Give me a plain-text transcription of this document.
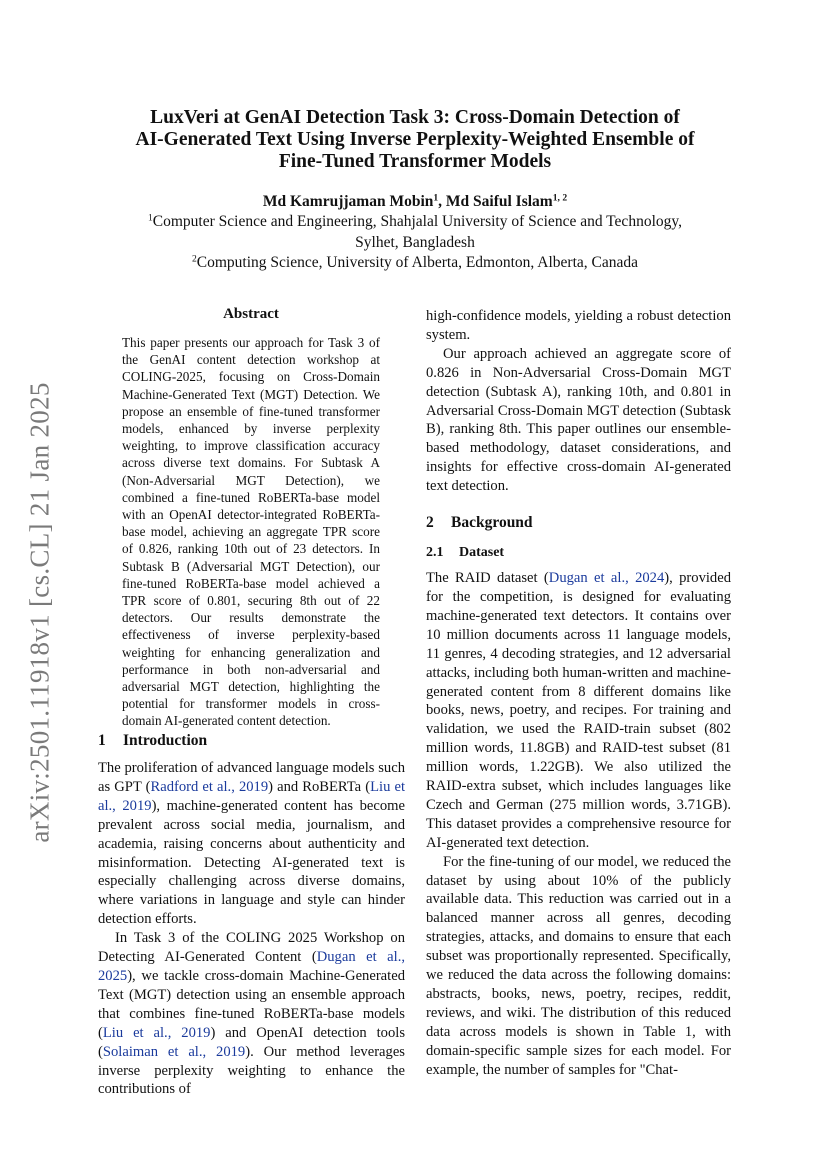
arXiv:2501.11918v1 [cs.CL] 21 Jan 2025
LuxVeri at GenAI Detection Task 3: Cross-Domain Detection of
AI-Generated Text Using Inverse Perplexity-Weighted Ensemble of
Fine-Tuned Transformer Models
Md Kamrujjaman Mobin$^1$, Md Saiful Islam$^{1, 2}$
$^1$Computer Science and Engineering, Shahjalal University of Science and Technology,
Sylhet, Bangladesh
$^2$Computing Science, University of Alberta, Edmonton, Alberta, Canada
Abstract
This paper presents our approach for Task 3 of the GenAI content detection workshop at COLING-2025, focusing on Cross-Domain Machine-Generated Text (MGT) Detection. We propose an ensemble of fine-tuned transformer models, enhanced by inverse perplexity weighting, to improve classification accuracy across diverse text domains. For Subtask A (Non-Adversarial MGT Detection), we combined a fine-tuned RoBERTa-base model with an OpenAI detector-integrated RoBERTa-base model, achieving an aggregate TPR score of 0.826, ranking 10th out of 23 detectors. In Subtask B (Adversarial MGT Detection), our fine-tuned RoBERTa-base model achieved a TPR score of 0.801, securing 8th out of 22 detectors. Our results demonstrate the effectiveness of inverse perplexity-based weighting for enhancing generalization and performance in both non-adversarial and adversarial MGT detection, highlighting the potential for transformer models in cross-domain AI-generated content detection.
1 Introduction

The proliferation of advanced language models such as GPT (Radford et al., 2019) and RoBERTa (Liu et al., 2019), machine-generated content has become prevalent across social media, journalism, and academia, raising concerns about authenticity and misinformation. Detecting AI-generated text is especially challenging across diverse domains, where variations in language and style can hinder detection efforts.

In Task 3 of the COLING 2025 Workshop on Detecting AI-Generated Content (Dugan et al., 2025), we tackle cross-domain Machine-Generated Text (MGT) detection using an ensemble approach that combines fine-tuned RoBERTa-base models (Liu et al., 2019) and OpenAI detection tools (Solaiman et al., 2019). Our method leverages inverse perplexity weighting to enhance the contributions of

high-confidence models, yielding a robust detection system.

Our approach achieved an aggregate score of 0.826 in Non-Adversarial Cross-Domain MGT detection (Subtask A), ranking 10th, and 0.801 in Adversarial Cross-Domain MGT detection (Subtask B), ranking 8th. This paper outlines our ensemble-based methodology, dataset considerations, and insights for effective cross-domain AI-generated text detection.

2 Background
2.1 Dataset

The RAID dataset (Dugan et al., 2024), provided for the competition, is designed for evaluating machine-generated text detectors. It contains over 10 million documents across 11 language models, 11 genres, 4 decoding strategies, and 12 adversarial attacks, including both human-written and machine-generated content from 8 different domains like books, news, poetry, and recipes. For training and validation, we used the RAID-train subset (802 million words, 11.8GB) and RAID-test subset (81 million words, 1.22GB). We also utilized the RAID-extra subset, which includes languages like Czech and German (275 million words, 3.71GB). This dataset provides a comprehensive resource for AI-generated text detection.

For the fine-tuning of our model, we reduced the dataset by using about 10% of the publicly available data. This reduction was carried out in a balanced manner across all genres, decoding strategies, attacks, and domains to ensure that each subset was proportionally represented. Specifically, we reduced the data across the following domains: abstracts, books, news, poetry, recipes, reddit, reviews, and wiki. The distribution of this reduced data across models is shown in Table 1, with domain-specific sample sizes for each model. For example, the number of samples for "Chat-
